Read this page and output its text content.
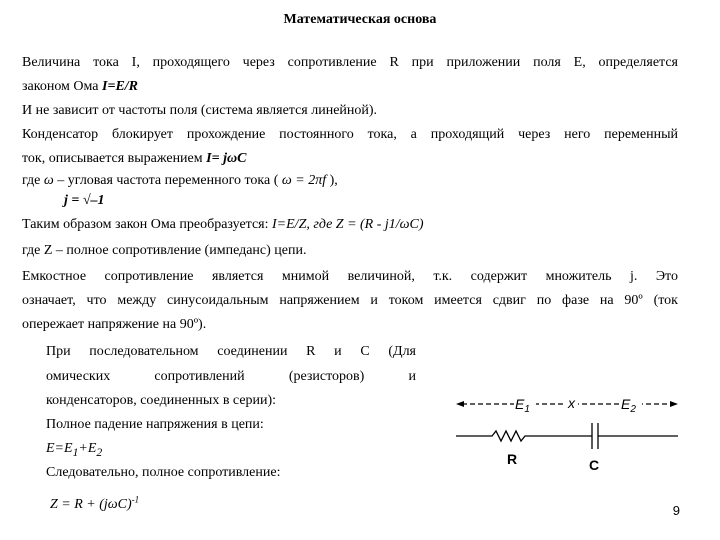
Математическая основа
Величина тока I, проходящего через сопротивление R при приложении поля E, определяется
законом Ома I=E/R
И не зависит от частоты поля (система является линейной).
Конденсатор блокирует прохождение постоянного тока, а проходящий через него переменный
ток, описывается выражением I= jωC
где ω – угловая частота переменного тока ( ω = 2πf ),
j = √–1
Таким образом закон Ома преобразуется: I=E/Z, где Z = (R - j1/ωC)
где Z – полное сопротивление (импеданс) цепи.
Емкостное сопротивление является мнимой величиной, т.к. содержит множитель j. Это
означает, что между синусоидальным напряжением и током имеется сдвиг по фазе на 90º (ток
опережает напряжение на 90º).
При последовательном соединении R и С (Для
омических сопротивлений (резисторов) и
конденсаторов, соединенных в серии):
Полное падение напряжения в цепи:
$E=E_1+E_2$
Следовательно, полное сопротивление:
$Z = R + (j\omega C)^{-1}$
$E_1$	x	$E_2$
R	C
9
